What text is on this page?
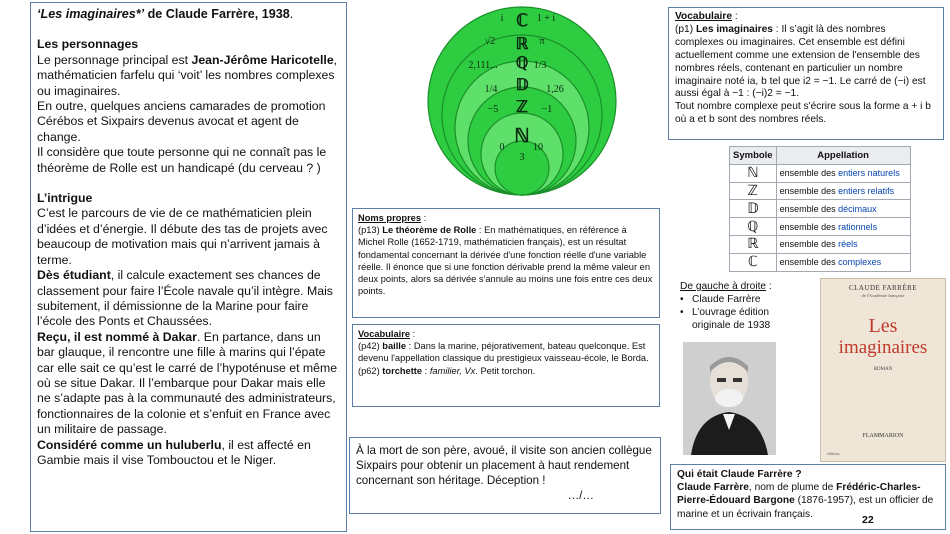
‘Les imaginaires*’ de Claude Farrère, 1938.

Les personnages

Le personnage principal est Jean-Jérôme Haricotelle, mathématicien farfelu qui ‘voit’ les nombres complexes ou imaginaires.

En outre, quelques anciens camarades de promotion Cérébos et Sixpairs devenus avocat et agent de change.

Il considère que toute personne qui ne connaît pas le théorème de Rolle est un handicapé (du cerveau ? )

L’intrigue

C’est le parcours de vie de ce mathématicien plein d’idées et d’énergie. Il débute des tas de projets avec beaucoup de motivation mais qui n’arrivent jamais à terme.

Dès étudiant, il calcule exactement ses chances de classement pour faire l’École navale qu’il intègre. Mais subitement, il démissionne de la Marine pour faire l’école des Ponts et Chaussées.

Reçu, il est nommé à Dakar. En partance, dans un bar glauque, il rencontre une fille à marins qui l’épate car elle sait ce qu’est le carré de l’hypoténuse et même où se situe Dakar. Il l’embarque pour Dakar mais elle ne s’adapte pas à la communauté des administrateurs, fonctionnaires de la colonie et s’enfuit en France avec un militaire de passage.

Considéré comme un huluberlu, il est affecté en Gambie mais il vise Tombouctou et le Niger.

ℂ
i	1 + i
ℝ
√2	π
ℚ
2,111...	1/3
𝔻
1/4	1,26
ℤ
−5	−1
ℕ
0	10
3

Vocabulaire :

(p1) Les imaginaires : Il s’agit là des nombres complexes ou imaginaires. Cet ensemble est défini actuellement comme une extension de l'ensemble des nombres réels, contenant en particulier un nombre imaginaire noté ia, b tel que i2 = −1. Le carré de (−i) est aussi égal à −1 : (−i)2 = −1.

Tout nombre complexe peut s'écrire sous la forme a + i b où a et b sont des nombres réels.

Symbole	Appellation
ℕ	ensemble des entiers naturels
ℤ	ensemble des entiers relatifs
𝔻	ensemble des décimaux
ℚ	ensemble des rationnels
ℝ	ensemble des réels
ℂ	ensemble des complexes

Noms propres :

(p13) Le théorème de Rolle : En mathématiques, en référence à Michel Rolle (1652-1719, mathématicien français), est un résultat fondamental concernant la dérivée d'une fonction réelle d'une variable réelle. Il énonce que si une fonction dérivable prend la même valeur en deux points, alors sa dérivée s'annule au moins une fois entre ces deux points.

Vocabulaire :

(p42) baille : Dans la marine, péjorativement, bateau quelconque. Est devenu l'appellation classique du prestigieux vaisseau-école, le Borda.

(p62) torchette : familier, Vx. Petit torchon.

À la mort de son père, avoué, il visite son ancien collègue Sixpairs pour obtenir un placement à haut rendement concernant son héritage. Déception !

…/…

De gauche à droite :

• Claude Farrère
• L’ouvrage édition originale de 1938
CLAUDE FARRÈRE
de l'Académie française
Les
imaginaires
ROMAN
FLAMMARION
éditions

Qui était Claude Farrère ?

Claude Farrère, nom de plume de Frédéric-Charles-Pierre-Édouard Bargone (1876-1957), est un officier de marine et un écrivain français.	22
